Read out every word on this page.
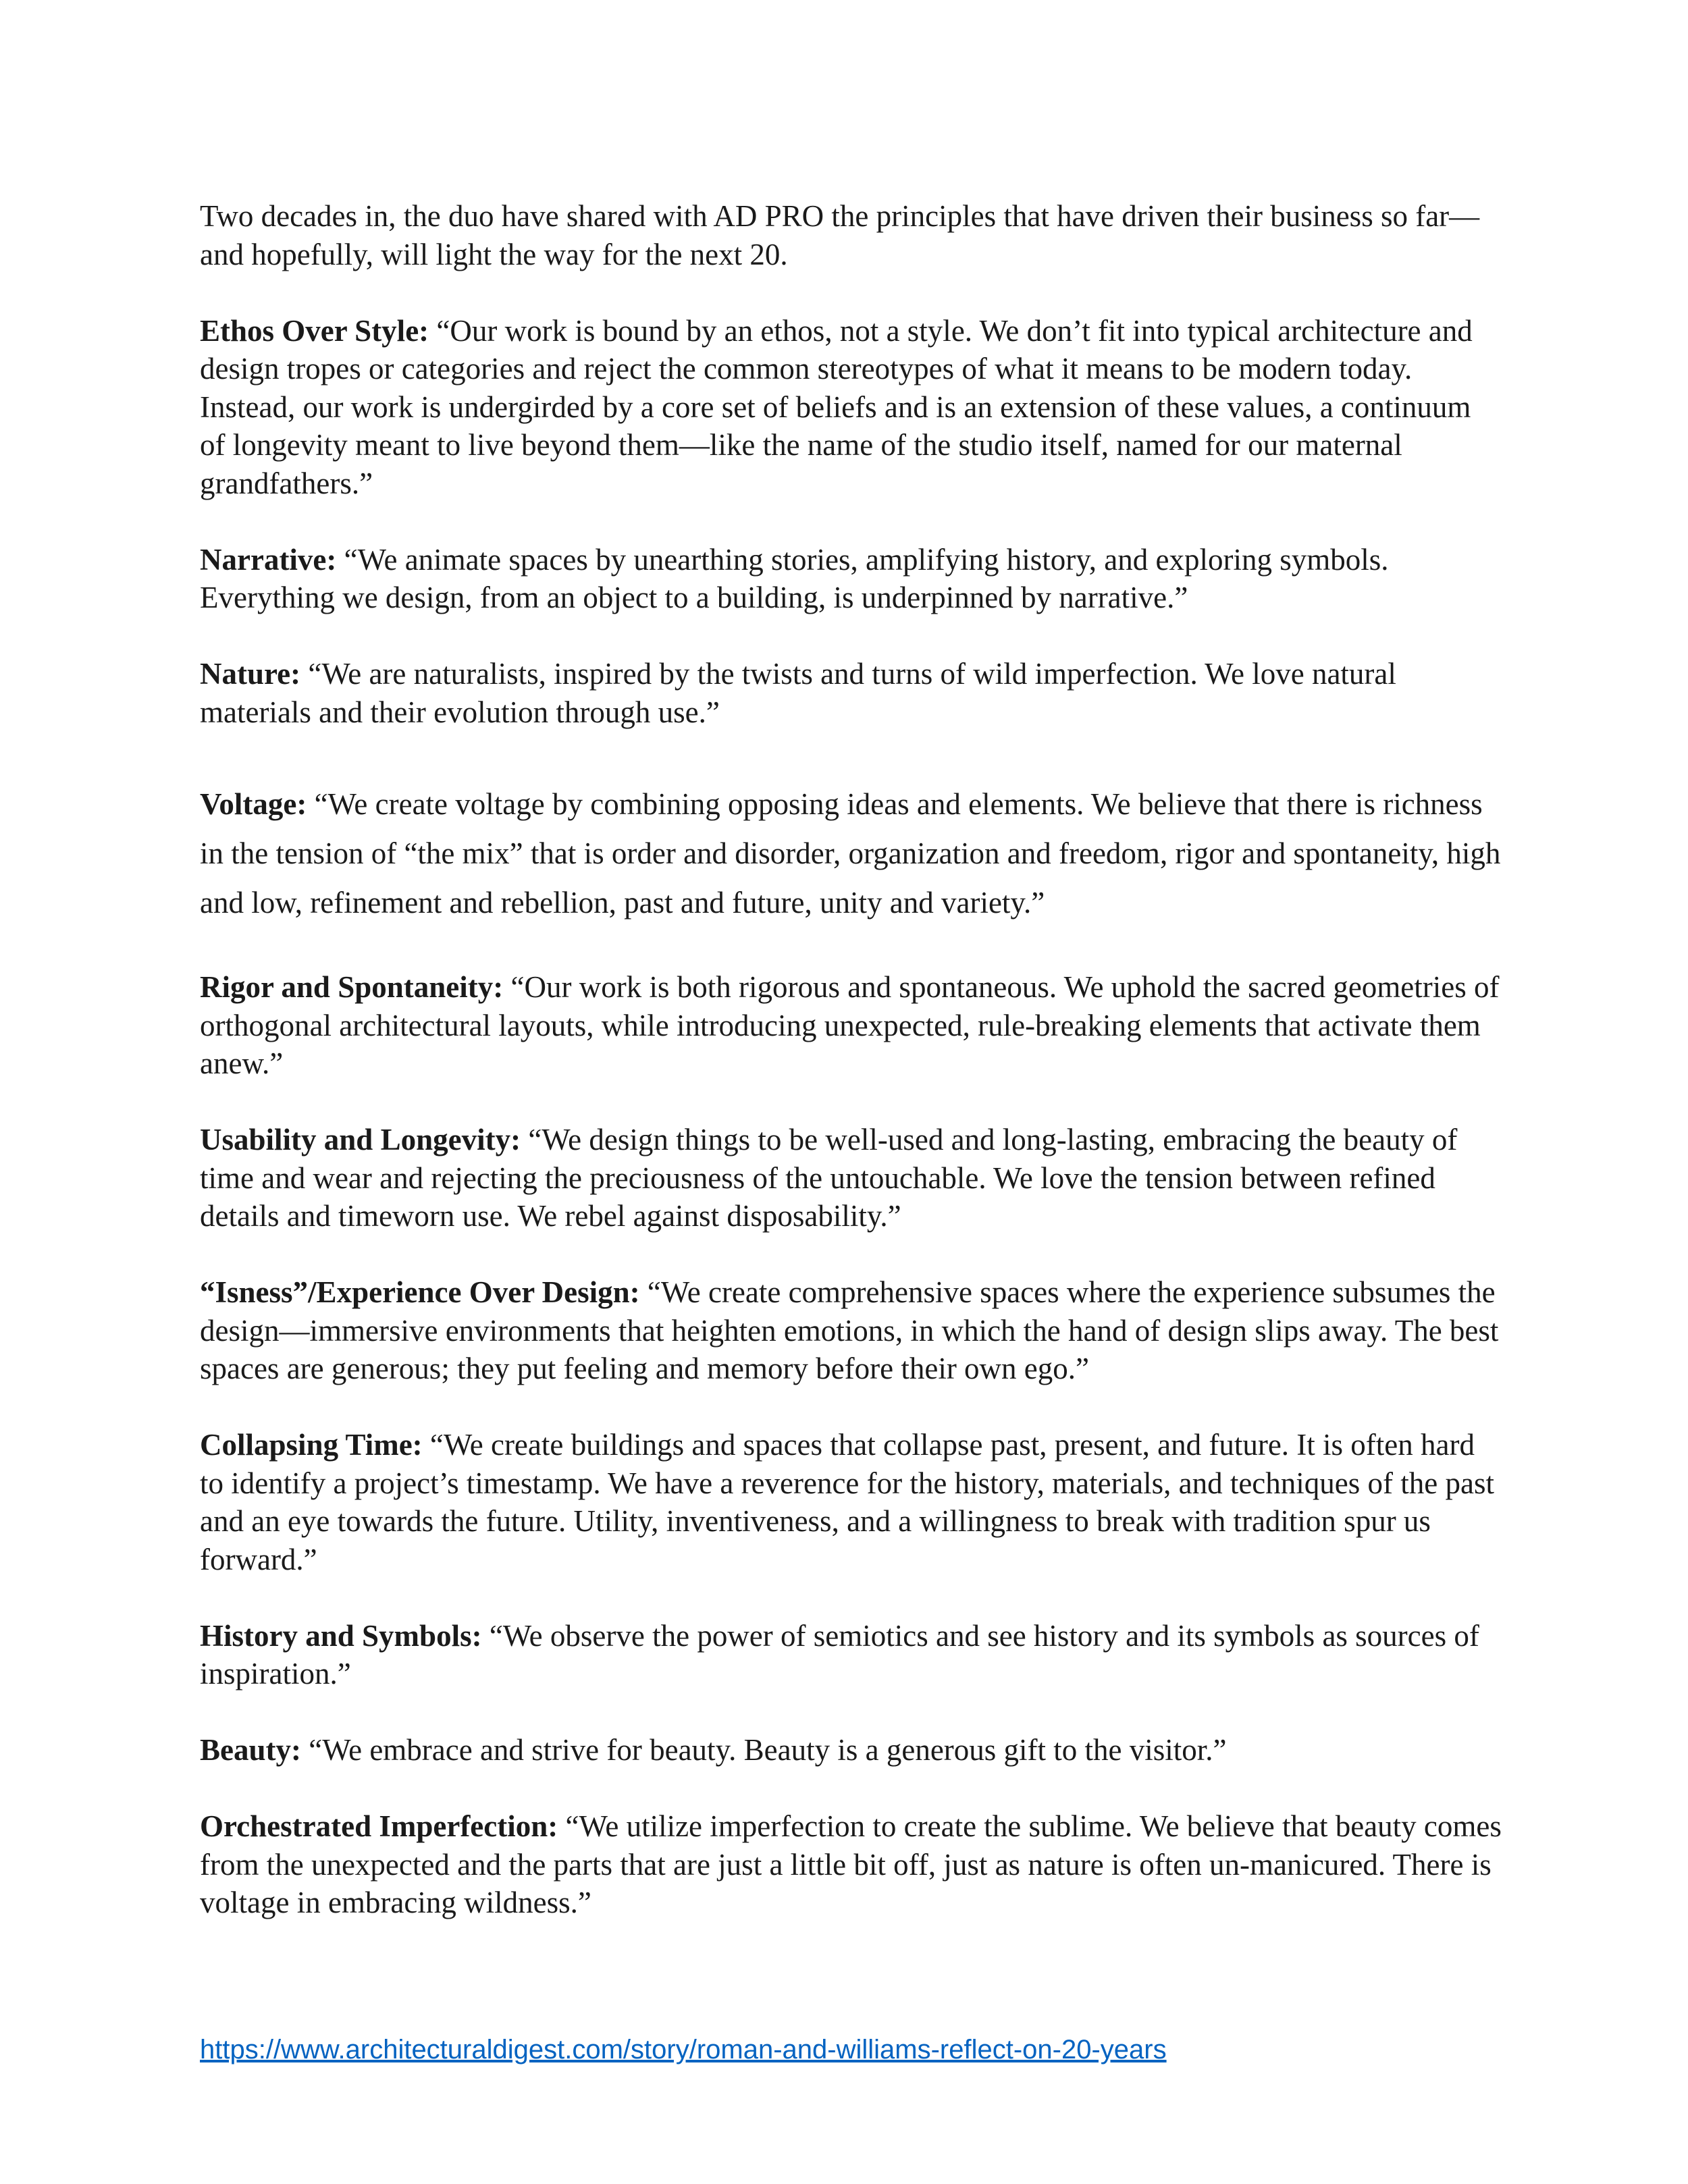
Two decades in, the duo have shared with AD PRO the principles that have driven their business so far—and hopefully, will light the way for the next 20.

Ethos Over Style: “Our work is bound by an ethos, not a style. We don’t fit into typical architecture and design tropes or categories and reject the common stereotypes of what it means to be modern today. Instead, our work is undergirded by a core set of beliefs and is an extension of these values, a continuum of longevity meant to live beyond them—like the name of the studio itself, named for our maternal grandfathers.”

Narrative: “We animate spaces by unearthing stories, amplifying history, and exploring symbols. Everything we design, from an object to a building, is underpinned by narrative.”

Nature: “We are naturalists, inspired by the twists and turns of wild imperfection. We love natural materials and their evolution through use.”

Voltage: “We create voltage by combining opposing ideas and elements. We believe that there is richness in the tension of “the mix” that is order and disorder, organization and freedom, rigor and spontaneity, high and low, refinement and rebellion, past and future, unity and variety.”

Rigor and Spontaneity: “Our work is both rigorous and spontaneous. We uphold the sacred geometries of orthogonal architectural layouts, while introducing unexpected, rule-breaking elements that activate them anew.”

Usability and Longevity: “We design things to be well-used and long-lasting, embracing the beauty of time and wear and rejecting the preciousness of the untouchable. We love the tension between refined details and timeworn use. We rebel against disposability.”

“Isness”/Experience Over Design: “We create comprehensive spaces where the experience subsumes the design—immersive environments that heighten emotions, in which the hand of design slips away. The best spaces are generous; they put feeling and memory before their own ego.”

Collapsing Time: “We create buildings and spaces that collapse past, present, and future. It is often hard to identify a project’s timestamp. We have a reverence for the history, materials, and techniques of the past and an eye towards the future. Utility, inventiveness, and a willingness to break with tradition spur us forward.”

History and Symbols: “We observe the power of semiotics and see history and its symbols as sources of inspiration.”

Beauty: “We embrace and strive for beauty. Beauty is a generous gift to the visitor.”

Orchestrated Imperfection: “We utilize imperfection to create the sublime. We believe that beauty comes from the unexpected and the parts that are just a little bit off, just as nature is often un-manicured. There is voltage in embracing wildness.”

https://www.architecturaldigest.com/story/roman-and-williams-reflect-on-20-years
